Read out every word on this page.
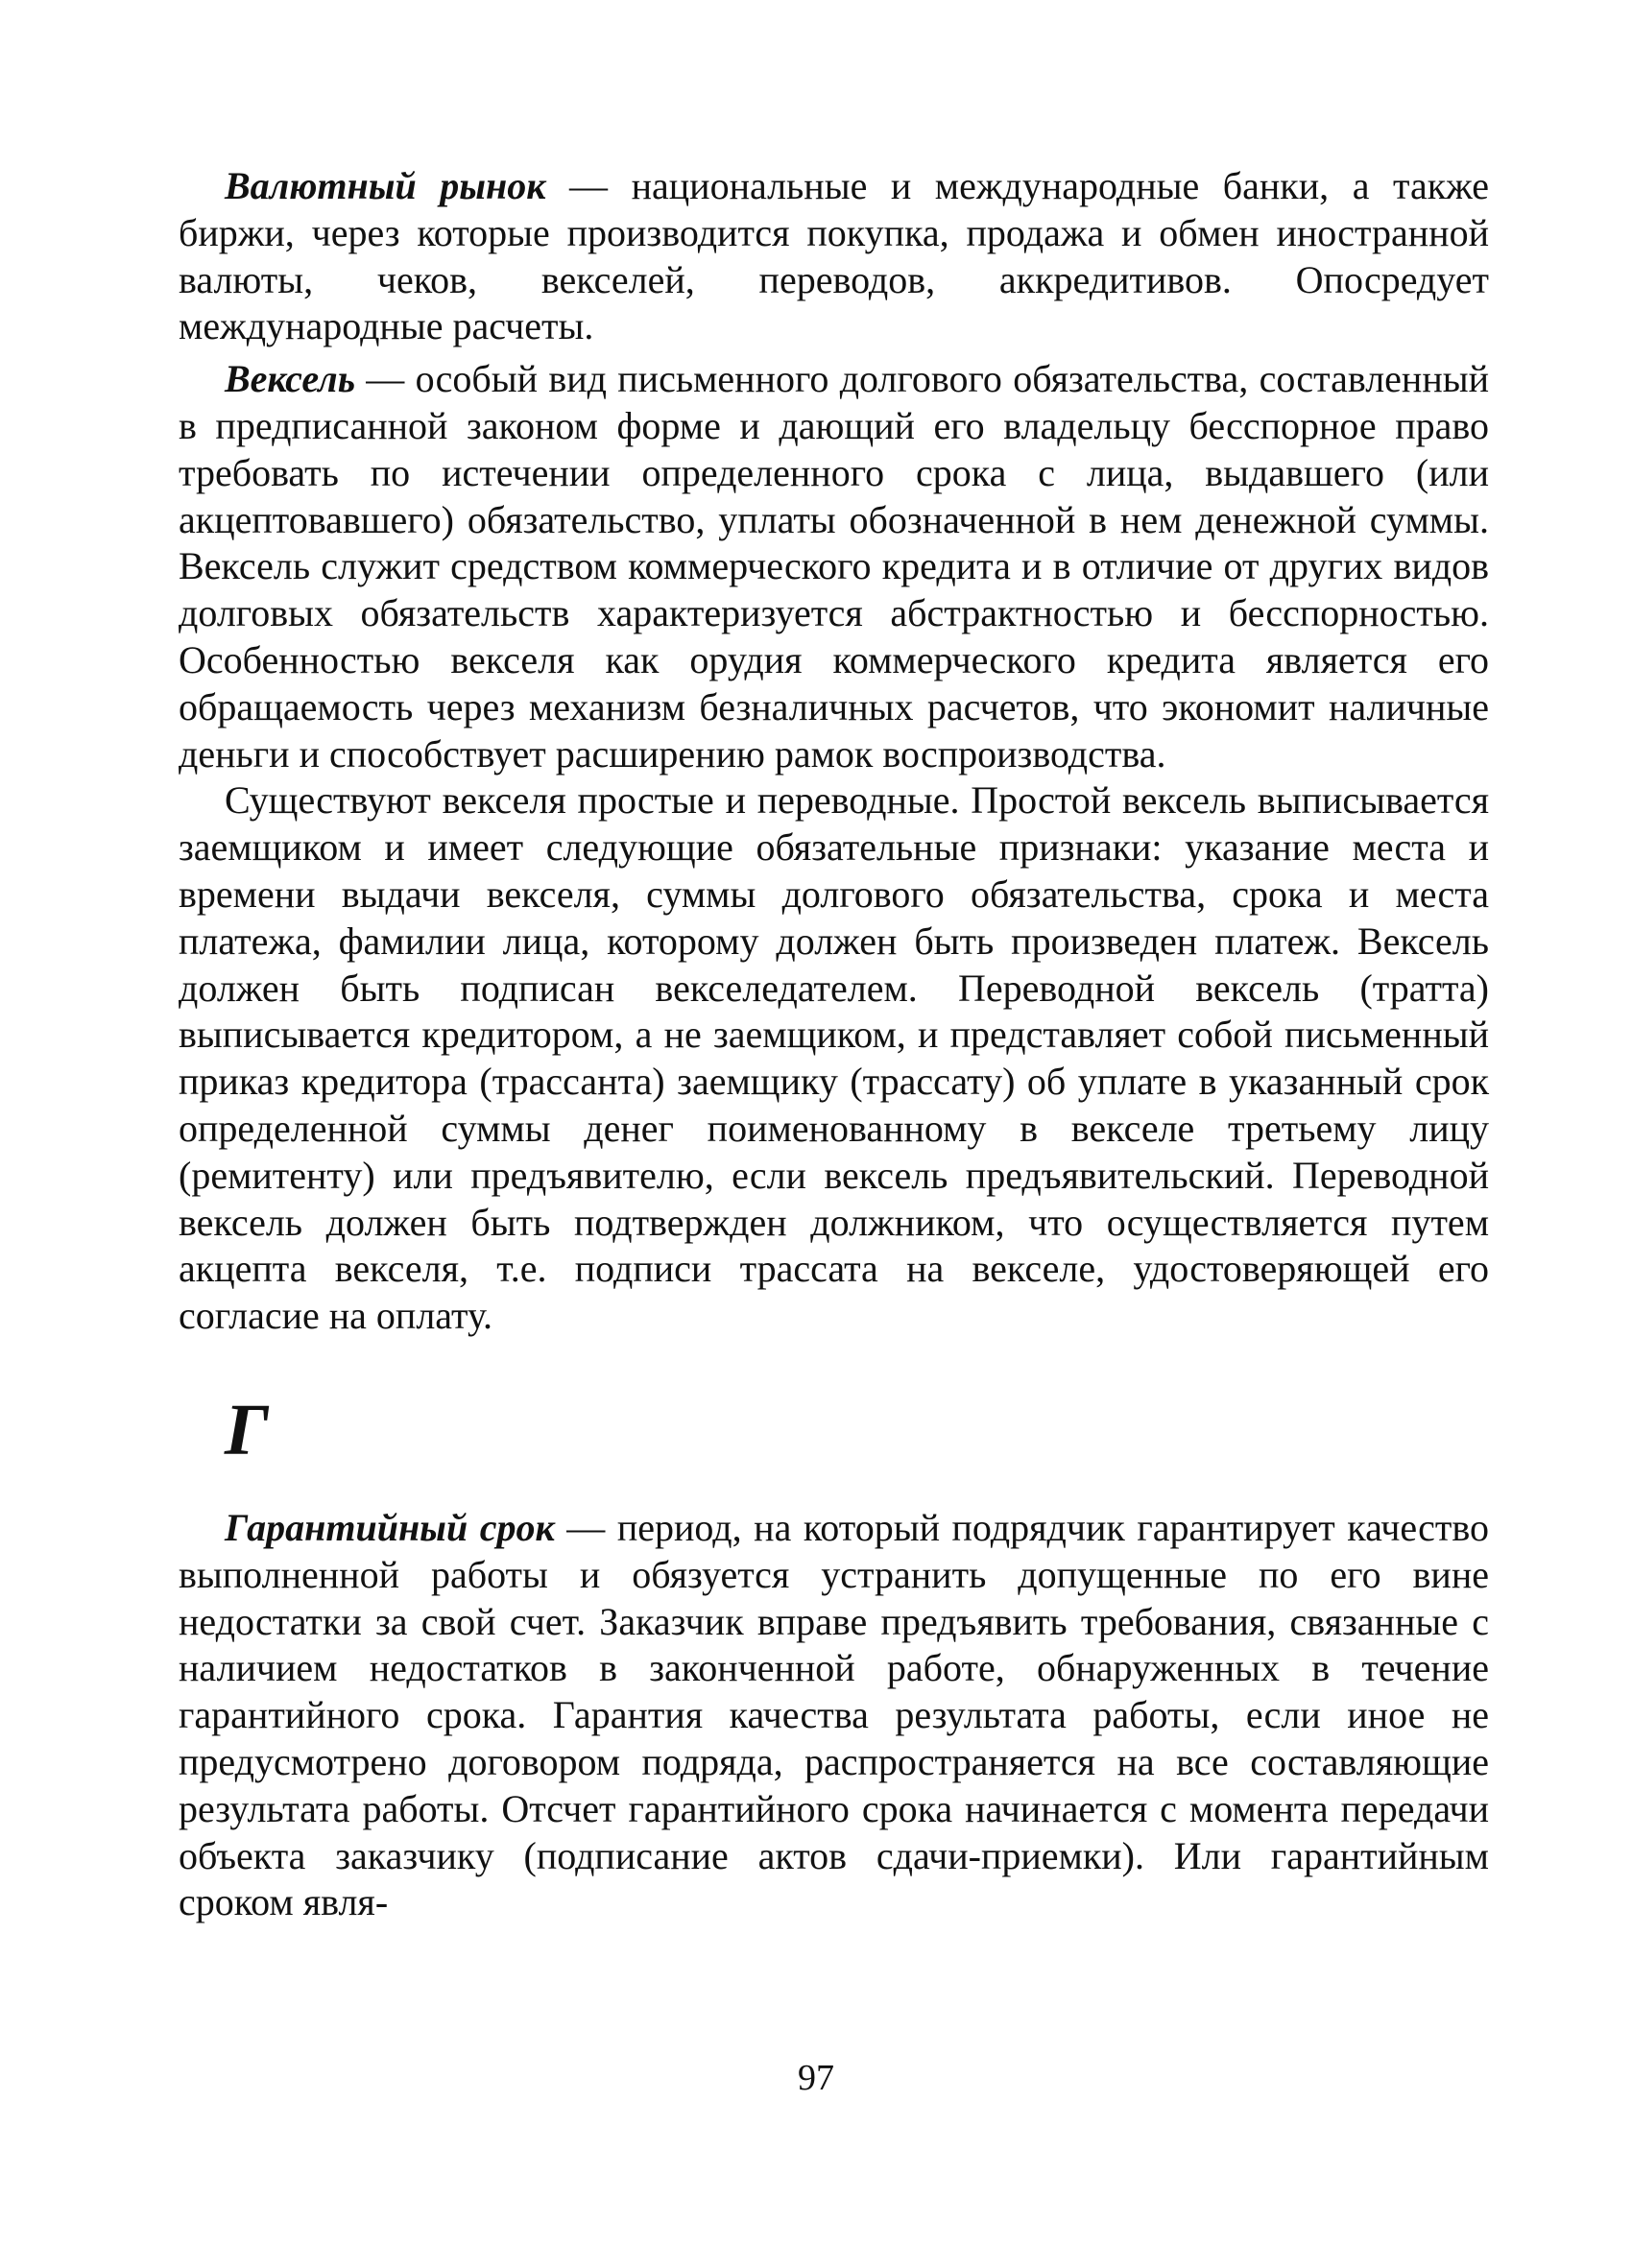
Валютный рынок — национальные и международные банки, а также биржи, через которые производится покупка, продажа и обмен иностранной валюты, чеков, векселей, переводов, аккредитивов. Опосредует международные расчеты.

Вексель — особый вид письменного долгового обязательства, составленный в предписанной законом форме и дающий его владельцу бесспорное право требовать по истечении определенного срока с лица, выдавшего (или акцептовавшего) обязательство, уплаты обозначенной в нем денежной суммы. Вексель служит средством коммерческого кредита и в отличие от других видов долговых обязательств характеризуется абстрактностью и бесспорностью. Особенностью векселя как орудия коммерческого кредита является его обращаемость через механизм безналичных расчетов, что экономит наличные деньги и способствует расширению рамок воспроизводства.

Существуют векселя простые и переводные. Простой вексель выписывается заемщиком и имеет следующие обязательные признаки: указание места и времени выдачи векселя, суммы долгового обязательства, срока и места платежа, фамилии лица, которому должен быть произведен платеж. Вексель должен быть подписан векселедателем. Переводной вексель (тратта) выписывается кредитором, а не заемщиком, и представляет собой письменный приказ кредитора (трассанта) заемщику (трассату) об уплате в указанный срок определенной суммы денег поименованному в векселе третьему лицу (ремитенту) или предъявителю, если вексель предъявительский. Переводной вексель должен быть подтвержден должником, что осуществляется путем акцепта векселя, т.е. подписи трассата на векселе, удостоверяющей его согласие на оплату.

Г

Гарантийный срок — период, на который подрядчик гарантирует качество выполненной работы и обязуется устранить допущенные по его вине недостатки за свой счет. Заказчик вправе предъявить требования, связанные с наличием недостатков в законченной работе, обнаруженных в течение гарантийного срока. Гарантия качества результата работы, если иное не предусмотрено договором подряда, распространяется на все составляющие результата работы. Отсчет гарантийного срока начинается с момента передачи объекта заказчику (подписание актов сдачи-приемки). Или гарантийным сроком явля-

97
